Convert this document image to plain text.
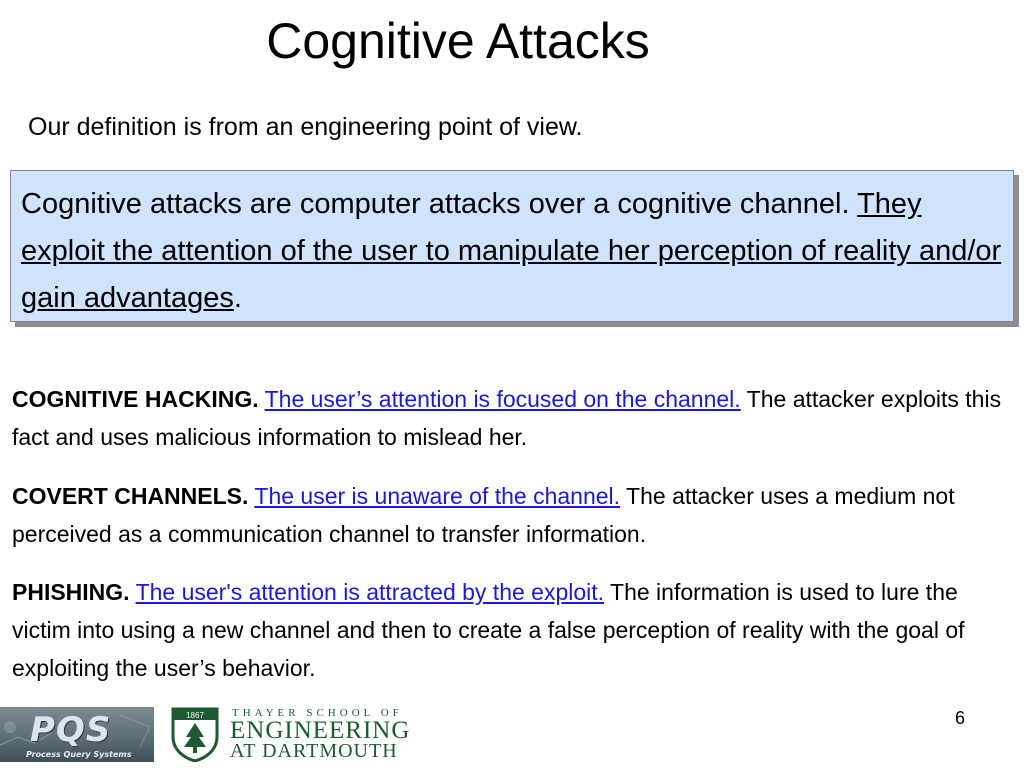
Cognitive Attacks
Our definition is from an engineering point of view.
Cognitive attacks are computer attacks over a cognitive channel. They exploit the attention of the user to manipulate her perception of reality and/or gain advantages.
COGNITIVE HACKING. The user’s attention is focused on the channel. The attacker exploits this fact and uses malicious information to mislead her.
COVERT CHANNELS. The user is unaware of the channel. The attacker uses a medium not perceived as a communication channel to transfer information.
PHISHING. The user's attention is attracted by the exploit. The information is used to lure the victim into using a new channel and then to create a false perception of reality with the goal of exploiting the user’s behavior.
PQS
Process Query Systems
1867	THAYER SCHOOL OF
ENGINEERING
AT DARTMOUTH
6
